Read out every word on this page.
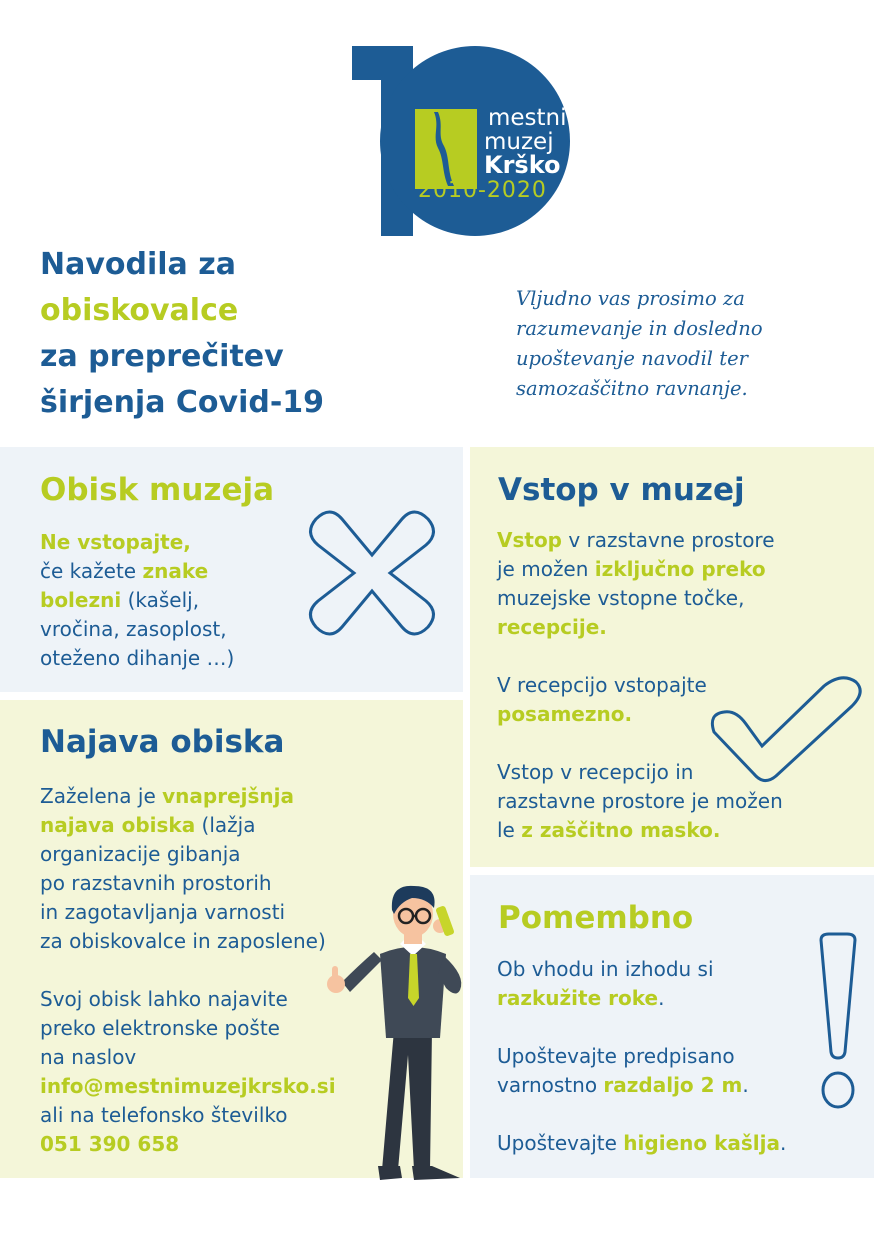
mestni
muzej
Krško
2010-2020
Navodila za
obiskovalce
za preprečitev
širjenja Covid-19
Vljudno vas prosimo za
razumevanje in dosledno
upoštevanje navodil ter
samozaščitno ravnanje.
Obisk muzeja
Ne vstopajte,
če kažete znake
bolezni (kašelj,
vročina, zasoplost,
oteženo dihanje …)
Vstop v muzej
Vstop v razstavne prostore
je možen izključno preko
muzejske vstopne točke,
recepcije.
V recepcijo vstopajte
posamezno.
Vstop v recepcijo in
razstavne prostore je možen
le z zaščitno masko.
Najava obiska
Zaželena je vnaprejšnja
najava obiska (lažja
organizacije gibanja
po razstavnih prostorih
in zagotavljanja varnosti
za obiskovalce in zaposlene)
Svoj obisk lahko najavite
preko elektronske pošte
na naslov
info@mestnimuzejkrsko.si
ali na telefonsko številko
051 390 658
Pomembno
Ob vhodu in izhodu si
razkužite roke.
Upoštevajte predpisano
varnostno razdaljo 2 m.
Upoštevajte higieno kašlja.
